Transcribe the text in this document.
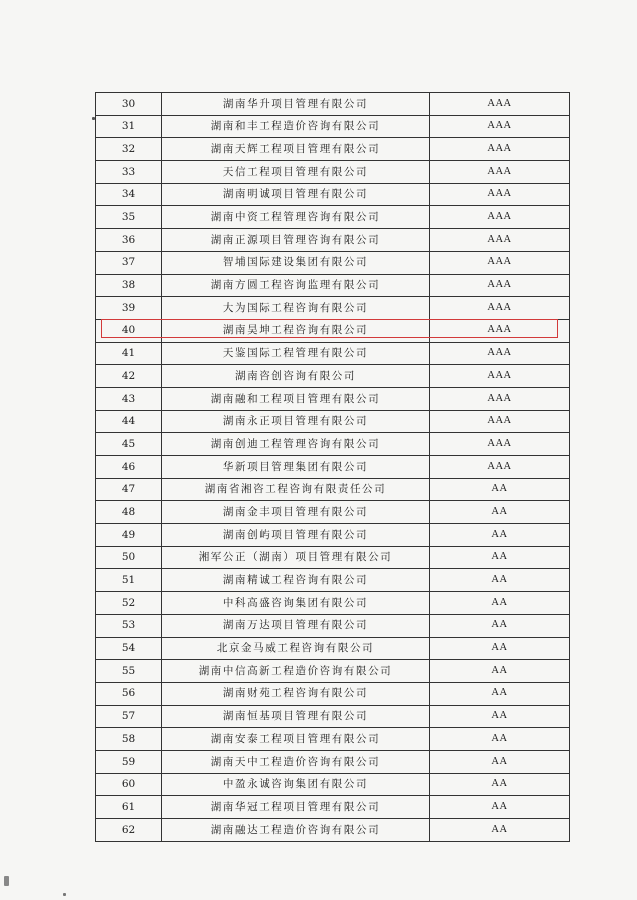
30	湖南华升项目管理有限公司	AAA
31	湖南和丰工程造价咨询有限公司	AAA
32	湖南天辉工程项目管理有限公司	AAA
33	天信工程项目管理有限公司	AAA
34	湖南明诚项目管理有限公司	AAA
35	湖南中资工程管理咨询有限公司	AAA
36	湖南正源项目管理咨询有限公司	AAA
37	智埔国际建设集团有限公司	AAA
38	湖南方圆工程咨询监理有限公司	AAA
39	大为国际工程咨询有限公司	AAA
40	湖南昊坤工程咨询有限公司	AAA
41	天鉴国际工程管理有限公司	AAA
42	湖南咨创咨询有限公司	AAA
43	湖南融和工程项目管理有限公司	AAA
44	湖南永正项目管理有限公司	AAA
45	湖南创迪工程管理咨询有限公司	AAA
46	华新项目管理集团有限公司	AAA
47	湖南省湘咨工程咨询有限责任公司	AA
48	湖南金丰项目管理有限公司	AA
49	湖南创屿项目管理有限公司	AA
50	湘军公正（湖南）项目管理有限公司	AA
51	湖南精诚工程咨询有限公司	AA
52	中科高盛咨询集团有限公司	AA
53	湖南万达项目管理有限公司	AA
54	北京金马威工程咨询有限公司	AA
55	湖南中信高新工程造价咨询有限公司	AA
56	湖南财苑工程咨询有限公司	AA
57	湖南恒基项目管理有限公司	AA
58	湖南安泰工程项目管理有限公司	AA
59	湖南天中工程造价咨询有限公司	AA
60	中盈永诚咨询集团有限公司	AA
61	湖南华冠工程项目管理有限公司	AA
62	湖南融达工程造价咨询有限公司	AA
